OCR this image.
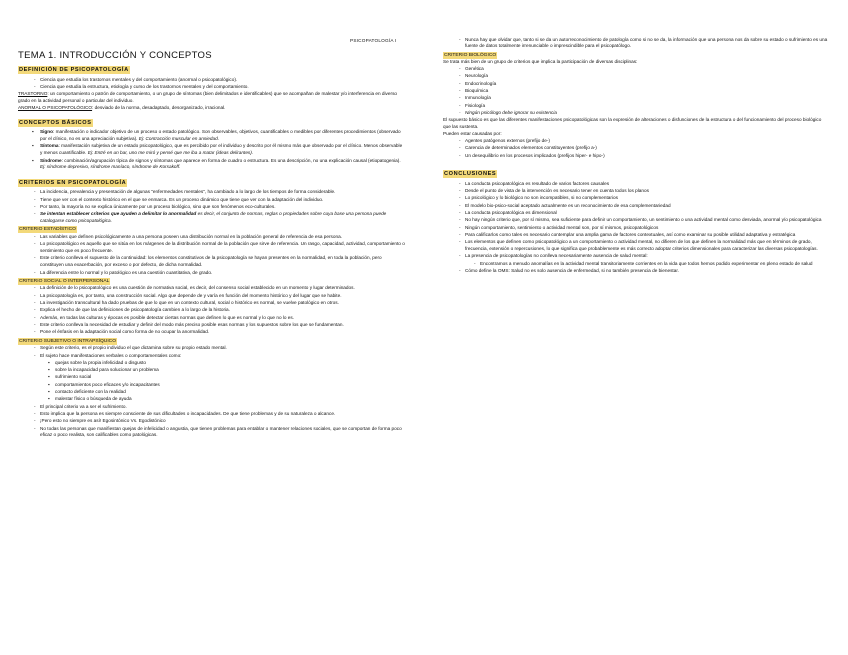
PSICOPATOLOGÍA I
TEMA 1. INTRODUCCIÓN Y CONCEPTOS
DEFINICIÓN DE PSICOPATOLOGÍA
- Ciencia que estudia los trastornos mentales y del comportamiento (anormal o psicopatológico).
- Ciencia que estudia la estructura, etiología y curso de los trastornos mentales y del comportamiento.

TRASTORNO: un comportamiento o patrón de comportamiento, o un grupo de síntomas (bien delimitados e identificables) que se acompañan de malestar y/o interferencia en diverso grado en la actividad personal o particular del individuo.

ANORMAL O PSICOPATOLÓGICO: desviado de la norma, desadaptado, desorganizado, irracional.

CONCEPTOS BÁSICOS
▪ Signo: manifestación o indicador objetivo de un proceso o estado patológico. Son observables, objetivos, cuantificables o medibles por diferentes procedimientos (observado por el clínico, no es una apreciación subjetiva). Ej: Contracción muscular en ansiedad.
▪ Síntoma: manifestación subjetiva de un estado psicopatológico, que es percibido por el individuo y descrito por él mismo más que observado por el clínico. Menos observable y menos cuantificable. Ej: Entré en un bar, uno me miró y pensé que me iba a matar (ideas delirantes).
▪ Síndrome: combinación/agrupación típica de signos y síntomas que aparece en forma de cuadro o estructura. Es una descripción, no una explicación causal (etiopatogenia). Ej: síndrome depresivo, síndrome maníaco, síndrome de Korsakoff.
CRITERIOS EN PSICOPATOLOGÍA
- La incidencia, prevalencia y presentación de algunas "enfermedades mentales", ha cambiado a lo largo de los tiempos de forma considerable.
- Tiene que ver con el contexto histórico en el que se enmarca. Es un proceso dinámico que tiene que ver con la adaptación del individuo.
- Por tanto, la mayoría no se explica únicamente por un proceso biológico, sino que son fenómenos eco-culturales.
- Se intentan establecer criterios que ayuden a delimitar lo anormalidad es decir, el conjunto de normas, reglas o propiedades sobre cuya base una persona puede catalogarse como psicopatológica.
CRITERIO ESTADÍSTICO
- Las variables que definen psicológicamente a una persona poseen una distribución normal en la población general de referencia de esa persona.
- Lo psicopatológico es aquello que se sitúa en los márgenes de la distribución normal de la población que sirve de referencia. Un rasgo, capacidad, actividad, comportamiento o sentimiento que es poco frecuente.
- Este criterio conlleva el supuesto de la continuidad: los elementos constitutivos de la psicopatología se hayan presentes en la normalidad, en toda la población, pero constituyen una exacerbación, por exceso o por defecto, de dicha normalidad.
- La diferencia entre lo normal y lo patológico es una cuestión cuantitativa, de grado.
CRITERIO SOCIAL O INTERPERSONAL
- La definición de lo psicopatológico es una cuestión de normativa social, es decir, del consenso social establecido en un momento y lugar determinados.
- La psicopatología es, por tanto, una construcción social. Algo que depende de y varía en función del momento histórico y del lugar que se habite.
- La investigación transcultural ha dado pruebas de que lo que en un contexto cultural, social o histórico es normal, se vuelve patológico en otros.
- Explica el hecho de que las definiciones de psicopatología cambien a lo largo de la historia.
- Además, en todas las culturas y épocas es posible detectar ciertas normas que definen lo que es normal y lo que no lo es.
- Este criterio conlleva la necesidad de estudiar y definir del modo más preciso posible esas normas y los supuestos sobre los que se fundamentan.
- Pone el énfasis en la adaptación social como forma de no ocupar la anormalidad.
CRITERIO SUBJETIVO O INTRAPSÍQUICO
- Según este criterio, es el propio individuo el que dictamina sobre su propio estado mental.
- El sujeto hace manifestaciones verbales o comportamentales como:
▪ quejas sobre la propia infelicidad o disgusto
▪ sobre la incapacidad para solucionar un problema
▪ sufrimiento social
▪ comportamientos poco eficaces y/o incapacitantes
▪ contacto deficiente con la realidad
▪ malestar físico o búsqueda de ayuda
- El principal criterio va a ser el sufrimiento.
- Esto implica que la persona es siempre consciente de sus dificultades o incapacidades. De que tiene problemas y de su naturaleza o alcance.
- ¡Pero esto no siempre es así! Egosintónico Vs. Egodistónico
- No todas las personas que manifiestan quejas de infelicidad o angustia, que tienen problemas para entablar o mantener relaciones sociales, que se comportan de forma poco eficaz o poco realista, son calificables como patológicas.
- Nunca hay que olvidar que, tanto si se da un autorreconocimiento de patología como si no se da, la información que una persona nos da sobre su estado o sufrimiento es una fuente de datos totalmente irrenunciable o imprescindible para el psicopatólogo.
CRITERIO BIOLÓGICO

Se trata más bien de un grupo de criterios que implica la participación de diversas disciplinas:

- Genética
- Neurología
- Endocrinología
- Bioquímica
- Inmunología
- Fisiología
- Ningún psicólogo debe ignorar su existencia

El supuesto básico es que las diferentes manifestaciones psicopatológicas son la expresión de alteraciones o disfunciones de la estructura o del funcionamiento del proceso biológico que las sustenta.

Pueden estar causadas por:

- Agentes patógenos externos (prefijo de-)
- Carencia de determinados elementos constituyentes (prefijo a-)
- Un desequilibrio en los procesos implicados (prefijos hiper- e hipo-)
CONCLUSIONES
- La conducta psicopatológica es resultado de varios factores causales
- Desde el punto de vista de la intervención es necesario tener en cuenta todos los planos
- Lo psicológico y lo biológico no son incompatibles, si no complementarios
- El modelo bio-psico-social aceptado actualmente es un reconocimiento de esa complementariedad
- La conducta psicopatológica es dimensional
- No hay ningún criterio que, por sí mismo, sea suficiente para definir un comportamiento, un sentimiento o una actividad mental como desviada, anormal y/o psicopatológica
- Ningún comportamiento, sentimiento o actividad mental son, por sí mismos, psicopatológicos
- Para calificarlos como tales es necesario contemplar una amplia gama de factores contextuales, así como examinar su posible utilidad adaptativa y estratégica
- Los elementos que definen como psicopatológico a un comportamiento o actividad mental, no difieren de los que definen la normalidad más que en términos de grado, frecuencia, extensión o repercusiones, lo que significa que probablemente es más correcto adoptar criterios dimensionales para caracterizar las diversas psicopatologías.
- La presencia de psicopatologías no conlleva necesariamente ausencia de salud mental:
- Encontramos a menudo anomalías en la actividad mental transitoriamente corrientes en la vida que todos hemos podido experimentar en pleno estado de salud
- Cómo define la OMS: Salud no es solo ausencia de enfermedad, si no también presencia de bienestar.
